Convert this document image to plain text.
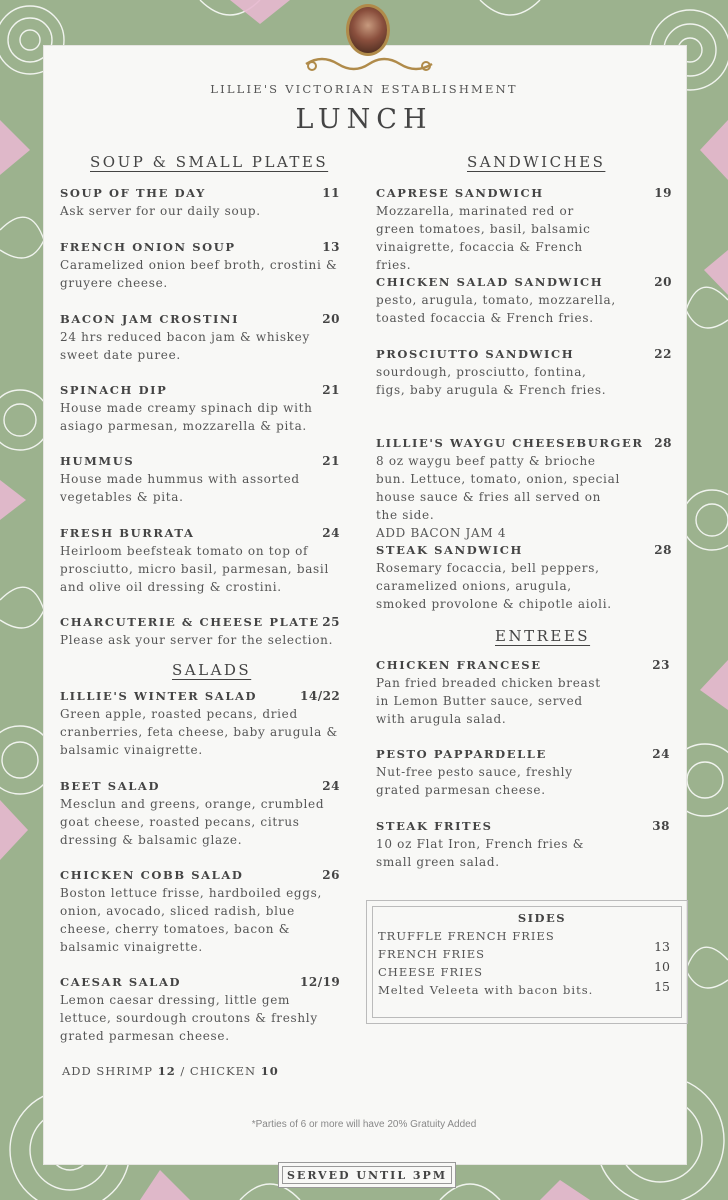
LILLIE'S VICTORIAN ESTABLISHMENT
LUNCH
SOUP & SMALL PLATES
SOUP OF THE DAY
Ask server for our daily soup.
11
FRENCH ONION SOUP
Caramelized onion beef broth, crostini & gruyere cheese.
13
BACON JAM CROSTINI
24 hrs reduced bacon jam & whiskey sweet date puree.
20
SPINACH DIP
House made creamy spinach dip with asiago parmesan, mozzarella & pita.
21
HUMMUS
House made hummus with assorted vegetables & pita.
21
FRESH BURRATA
Heirloom beefsteak tomato on top of prosciutto, micro basil, parmesan, basil and olive oil dressing & crostini.
24
CHARCUTERIE & CHEESE PLATE
Please ask your server for the selection.
25
SALADS
LILLIE'S WINTER SALAD
Green apple, roasted pecans, dried cranberries, feta cheese, baby arugula & balsamic vinaigrette.
14/22
BEET SALAD
Mesclun and greens, orange, crumbled goat cheese, roasted pecans, citrus dressing & balsamic glaze.
24
CHICKEN COBB SALAD
Boston lettuce frisse, hardboiled eggs, onion, avocado, sliced radish, blue cheese, cherry tomatoes, bacon & balsamic vinaigrette.
26
CAESAR SALAD
Lemon caesar dressing, little gem lettuce, sourdough croutons & freshly grated parmesan cheese.
12/19
ADD SHRIMP 12 / CHICKEN 10
SANDWICHES
CAPRESE SANDWICH
Mozzarella, marinated red or green tomatoes, basil, balsamic vinaigrette, focaccia & French fries.
19
CHICKEN SALAD SANDWICH
pesto, arugula, tomato, mozzarella, toasted focaccia & French fries.
20
PROSCIUTTO SANDWICH
sourdough, prosciutto, fontina, figs, baby arugula & French fries.
22
LILLIE'S WAYGU CHEESEBURGER
8 oz waygu beef patty & brioche bun. Lettuce, tomato, onion, special house sauce & fries all served on the side.
ADD BACON JAM 4
28
STEAK SANDWICH
Rosemary focaccia, bell peppers, caramelized onions, arugula, smoked provolone & chipotle aioli.
28
ENTREES
CHICKEN FRANCESE
Pan fried breaded chicken breast in Lemon Butter sauce, served with arugula salad.
23
PESTO PAPPARDELLE
Nut-free pesto sauce, freshly grated parmesan cheese.
24
STEAK FRITES
10 oz Flat Iron, French fries & small green salad.
38
SIDES
TRUFFLE FRENCH FRIES
FRENCH FRIES
CHEESE FRIES
Melted Veleeta with bacon bits.
13
10
15
*Parties of 6 or more will have 20% Gratuity Added
SERVED UNTIL 3PM
